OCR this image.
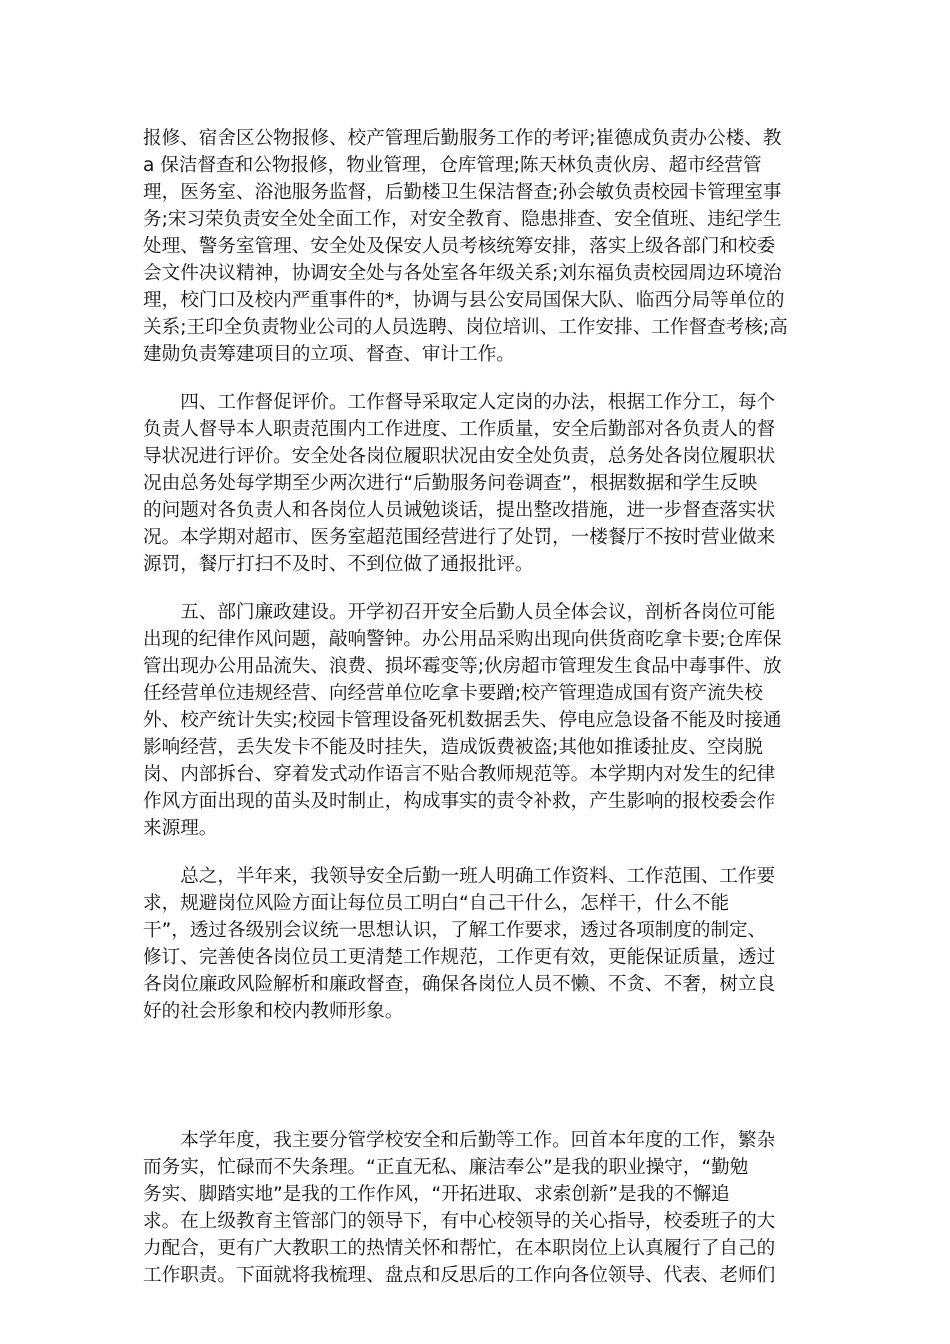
报修、宿舍区公物报修、校产管理后勤服务工作的考评;崔德成负责办公楼、教
a 保洁督查和公物报修，物业管理，仓库管理;陈天林负责伙房、超市经营管
理，医务室、浴池服务监督，后勤楼卫生保洁督查;孙会敏负责校园卡管理室事
务;宋习荣负责安全处全面工作，对安全教育、隐患排查、安全值班、违纪学生
处理、警务室管理、安全处及保安人员考核统筹安排，落实上级各部门和校委
会文件决议精神，协调安全处与各处室各年级关系;刘东福负责校园周边环境治
理，校门口及校内严重事件的*，协调与县公安局国保大队、临西分局等单位的
关系;王印全负责物业公司的人员选聘、岗位培训、工作安排、工作督查考核;高
建勋负责筹建项目的立项、督查、审计工作。
　　四、工作督促评价。工作督导采取定人定岗的办法，根据工作分工，每个
负责人督导本人职责范围内工作进度、工作质量，安全后勤部对各负责人的督
导状况进行评价。安全处各岗位履职状况由安全处负责，总务处各岗位履职状
况由总务处每学期至少两次进行“后勤服务问卷调查”，根据数据和学生反映
的问题对各负责人和各岗位人员诫勉谈话，提出整改措施，进一步督查落实状
况。本学期对超市、医务室超范围经营进行了处罚，一楼餐厅不按时营业做来
源罚，餐厅打扫不及时、不到位做了通报批评。
　　五、部门廉政建设。开学初召开安全后勤人员全体会议，剖析各岗位可能
出现的纪律作风问题，敲响警钟。办公用品采购出现向供货商吃拿卡要;仓库保
管出现办公用品流失、浪费、损坏霉变等;伙房超市管理发生食品中毒事件、放
任经营单位违规经营、向经营单位吃拿卡要蹭;校产管理造成国有资产流失校
外、校产统计失实;校园卡管理设备死机数据丢失、停电应急设备不能及时接通
影响经营，丢失发卡不能及时挂失，造成饭费被盗;其他如推诿扯皮、空岗脱
岗、内部拆台、穿着发式动作语言不贴合教师规范等。本学期内对发生的纪律
作风方面出现的苗头及时制止，构成事实的责令补救，产生影响的报校委会作
来源理。
　　总之，半年来，我领导安全后勤一班人明确工作资料、工作范围、工作要
求，规避岗位风险方面让每位员工明白“自己干什么，怎样干，什么不能
干”，透过各级别会议统一思想认识，了解工作要求，透过各项制度的制定、
修订、完善使各岗位员工更清楚工作规范，工作更有效，更能保证质量，透过
各岗位廉政风险解析和廉政督查，确保各岗位人员不懒、不贪、不奢，树立良
好的社会形象和校内教师形象。
　　本学年度，我主要分管学校安全和后勤等工作。回首本年度的工作，繁杂
而务实，忙碌而不失条理。“正直无私、廉洁奉公”是我的职业操守，“勤勉
务实、脚踏实地”是我的工作作风，“开拓进取、求索创新”是我的不懈追
求。在上级教育主管部门的领导下，有中心校领导的关心指导，校委班子的大
力配合，更有广大教职工的热情关怀和帮忙，在本职岗位上认真履行了自己的
工作职责。下面就将我梳理、盘点和反思后的工作向各位领导、代表、老师们
